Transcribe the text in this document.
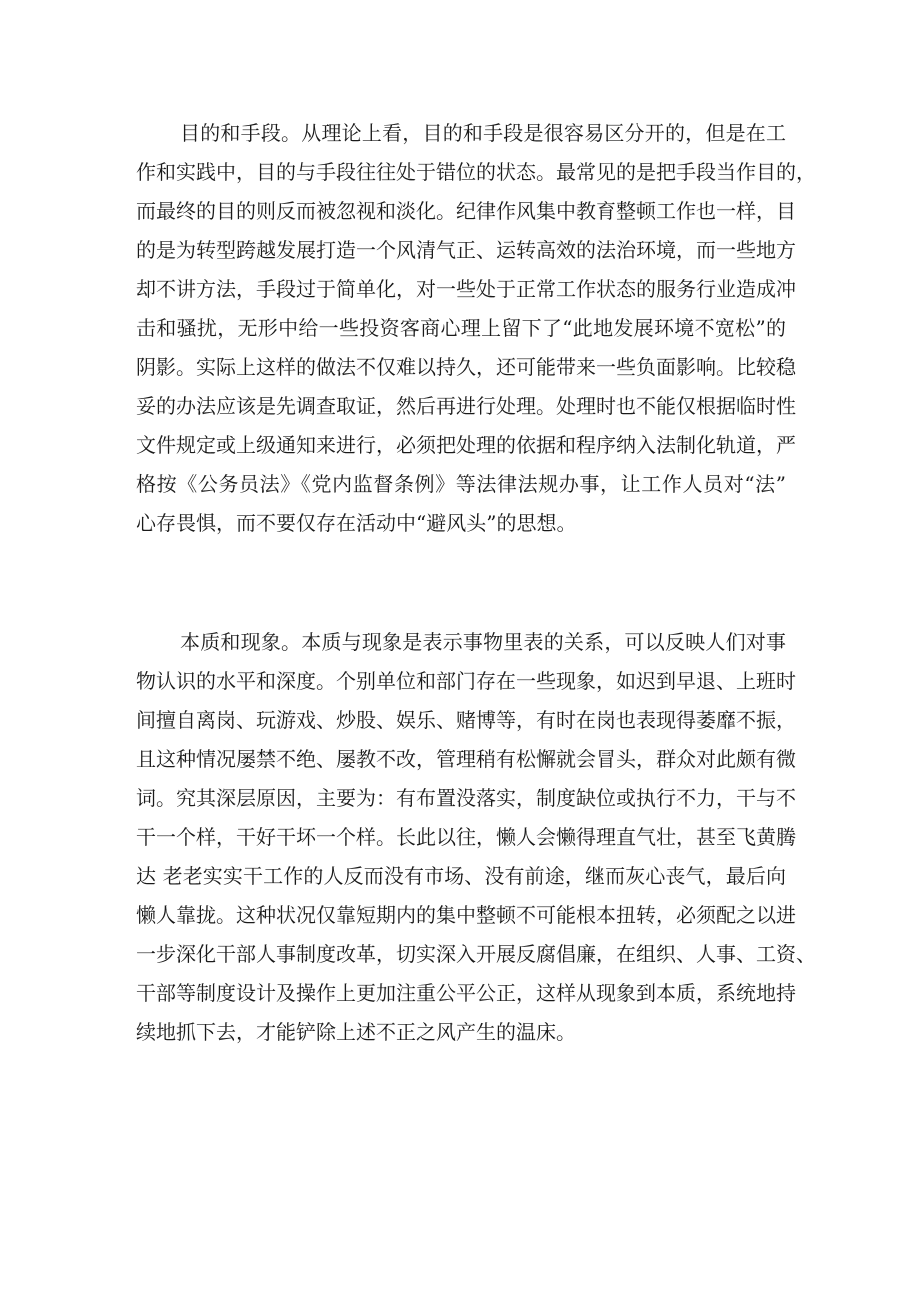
目的和手段。从理论上看，目的和手段是很容易区分开的，但是在工
作和实践中，目的与手段往往处于错位的状态。最常见的是把手段当作目的，
而最终的目的则反而被忽视和淡化。纪律作风集中教育整顿工作也一样，目
的是为转型跨越发展打造一个风清气正、运转高效的法治环境，而一些地方
却不讲方法，手段过于简单化，对一些处于正常工作状态的服务行业造成冲
击和骚扰，无形中给一些投资客商心理上留下了“此地发展环境不宽松”的
阴影。实际上这样的做法不仅难以持久，还可能带来一些负面影响。比较稳
妥的办法应该是先调查取证，然后再进行处理。处理时也不能仅根据临时性
文件规定或上级通知来进行，必须把处理的依据和程序纳入法制化轨道，严
格按《公务员法》《党内监督条例》等法律法规办事，让工作人员对“法”
心存畏惧，而不要仅存在活动中“避风头”的思想。
本质和现象。本质与现象是表示事物里表的关系，可以反映人们对事
物认识的水平和深度。个别单位和部门存在一些现象，如迟到早退、上班时
间擅自离岗、玩游戏、炒股、娱乐、赌博等，有时在岗也表现得萎靡不振，
且这种情况屡禁不绝、屡教不改，管理稍有松懈就会冒头，群众对此颇有微
词。究其深层原因，主要为：有布置没落实，制度缺位或执行不力，干与不
干一个样，干好干坏一个样。长此以往，懒人会懒得理直气壮，甚至飞黄腾
达 老老实实干工作的人反而没有市场、没有前途，继而灰心丧气，最后向
懒人靠拢。这种状况仅靠短期内的集中整顿不可能根本扭转，必须配之以进
一步深化干部人事制度改革，切实深入开展反腐倡廉，在组织、人事、工资、
干部等制度设计及操作上更加注重公平公正，这样从现象到本质，系统地持
续地抓下去，才能铲除上述不正之风产生的温床。
